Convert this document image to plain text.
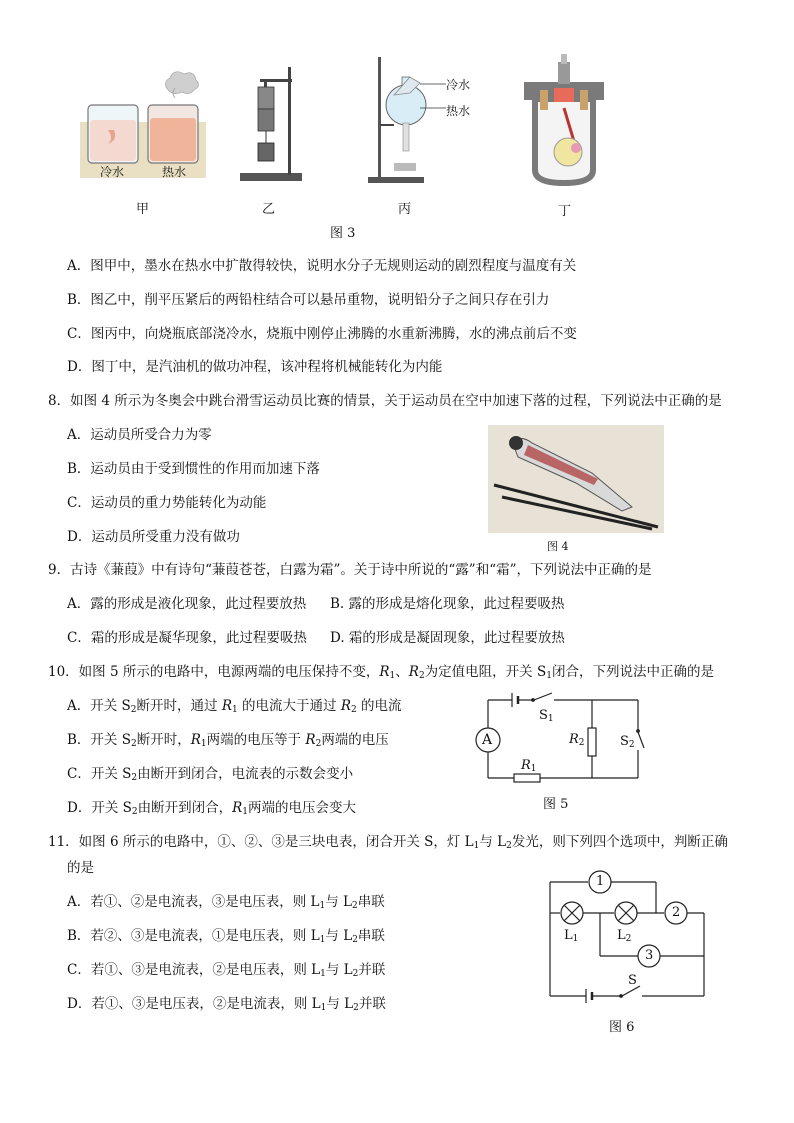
冷水	热水
甲	乙
冷水
热水
丙	丁
图 3
A．图甲中，墨水在热水中扩散得较快，说明水分子无规则运动的剧烈程度与温度有关
B．图乙中，削平压紧后的两铅柱结合可以悬吊重物，说明铅分子之间只存在引力
C．图丙中，向烧瓶底部浇冷水，烧瓶中刚停止沸腾的水重新沸腾，水的沸点前后不变
D．图丁中，是汽油机的做功冲程，该冲程将机械能转化为内能
8．如图 4 所示为冬奥会中跳台滑雪运动员比赛的情景，关于运动员在空中加速下落的过程，下列说法中正确的是
A．运动员所受合力为零
B．运动员由于受到惯性的作用而加速下落
C．运动员的重力势能转化为动能
D．运动员所受重力没有做功
图 4
9．古诗《蒹葭》中有诗句“蒹葭苍苍，白露为霜”。关于诗中所说的“露”和“霜”，下列说法中正确的是
A．露的形成是液化现象，此过程要放热 B. 露的形成是熔化现象，此过程要吸热
C．霜的形成是凝华现象，此过程要吸热 D. 霜的形成是凝固现象，此过程要放热
10．如图 5 所示的电路中，电源两端的电压保持不变，$R_1$、$R_2$为定值电阻，开关 $S_1$闭合，下列说法中正确的是
A．开关 $S_2$断开时，通过 $R_1$ 的电流大于通过 $R_2$ 的电流
B．开关 $S_2$断开时，$R_1$两端的电压等于 $R_2$两端的电压
C．开关 $S_2$由断开到闭合，电流表的示数会变小
D．开关 $S_2$由断开到闭合，$R_1$两端的电压会变大
A
$S_1$
$R_2$	$S_2$
$R_1$
图 5
11．如图 6 所示的电路中，①、②、③是三块电表，闭合开关 S，灯 $L_1$与 $L_2$发光，则下列四个选项中，判断正确
的是
A．若①、②是电流表，③是电压表，则 $L_1$与 $L_2$串联
B．若②、③是电流表，①是电压表，则 $L_1$与 $L_2$串联
C．若①、③是电流表，②是电压表，则 $L_1$与 $L_2$并联
D．若①、③是电压表，②是电流表，则 $L_1$与 $L_2$并联
1
2
3
$L_1$	$L_2$
S
图 6
